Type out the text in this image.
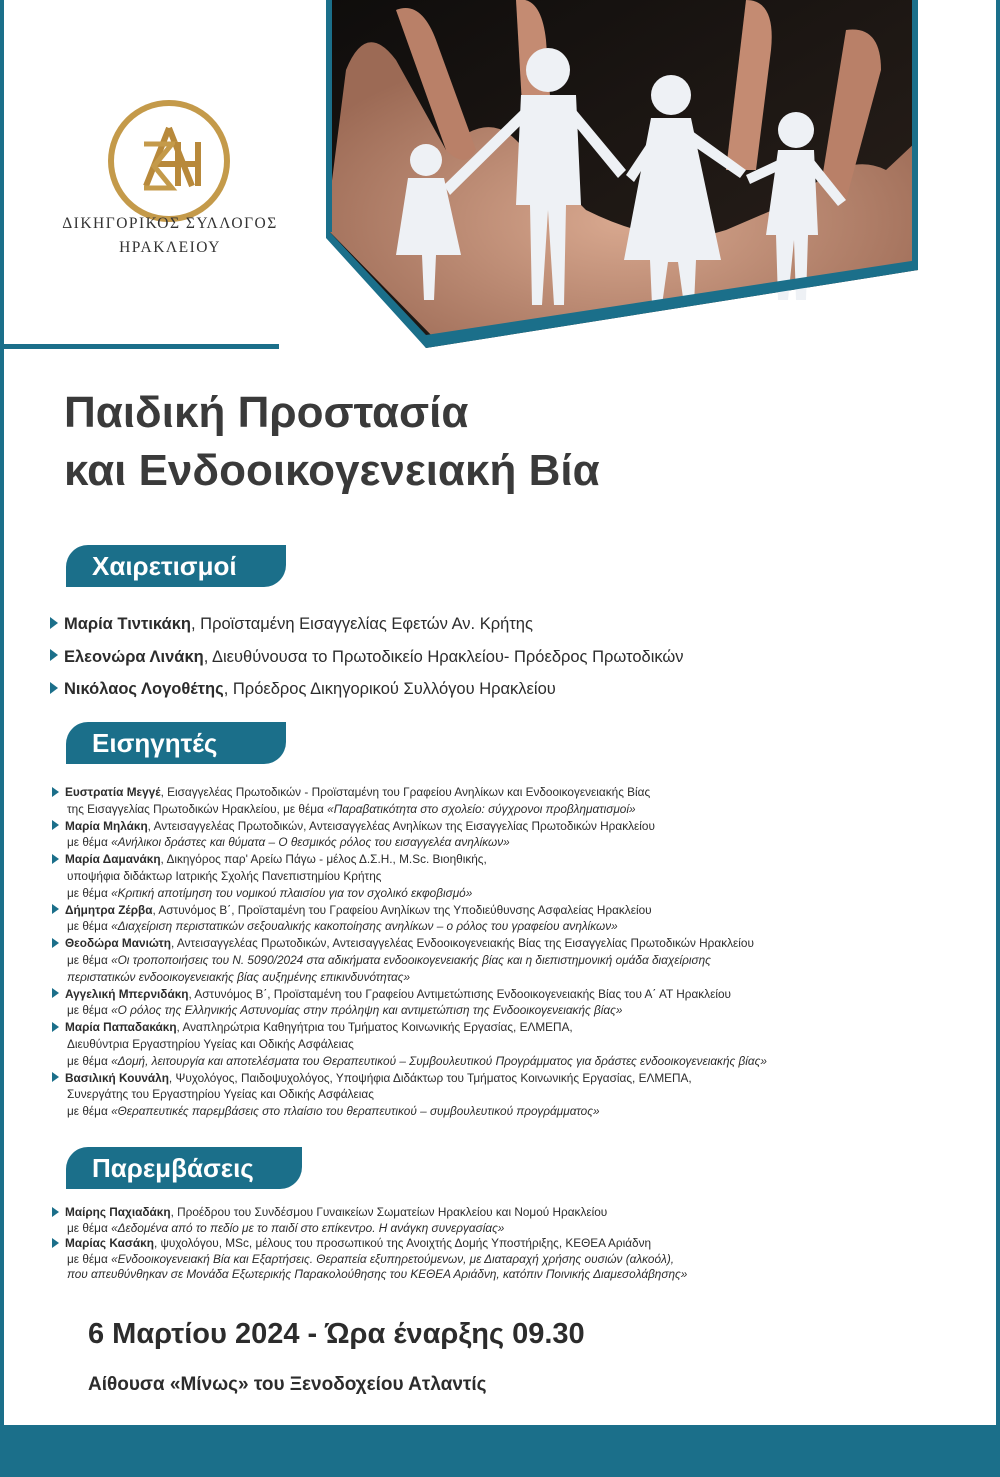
ΔΙΚΗΓΟΡΙΚΟΣ ΣΥΛΛΟΓΟΣ
ΗΡΑΚΛΕΙΟΥ
Παιδική Προστασία
και Ενδοοικογενειακή Βία
Χαιρετισμοί
Μαρία Τιντικάκη, Προϊσταμένη Εισαγγελίας Εφετών Αν. Κρήτης
Ελεονώρα Λινάκη, Διευθύνουσα το Πρωτοδικείο Ηρακλείου- Πρόεδρος Πρωτοδικών
Νικόλαος Λογοθέτης, Πρόεδρος Δικηγορικού Συλλόγου Ηρακλείου
Εισηγητές
Ευστρατία Μεγγέ, Εισαγγελέας Πρωτοδικών - Προϊσταμένη του Γραφείου Ανηλίκων και Ενδοοικογενειακής Βίας
της Εισαγγελίας Πρωτοδικών Ηρακλείου, με θέμα «Παραβατικότητα στο σχολείο: σύγχρονοι προβληματισμοί»
Μαρία Μηλάκη, Αντεισαγγελέας Πρωτοδικών, Αντεισαγγελέας Ανηλίκων της Εισαγγελίας Πρωτοδικών Ηρακλείου
με θέμα «Ανήλικοι δράστες και θύματα – Ο θεσμικός ρόλος του εισαγγελέα ανηλίκων»
Μαρία Δαμανάκη, Δικηγόρος παρ' Αρείω Πάγω - μέλος Δ.Σ.Η., M.Sc. Βιοηθικής,
υποψήφια διδάκτωρ Ιατρικής Σχολής Πανεπιστημίου Κρήτης
με θέμα «Κριτική αποτίμηση του νομικού πλαισίου για τον σχολικό εκφοβισμό»
Δήμητρα Ζέρβα, Αστυνόμος Β΄, Προϊσταμένη του Γραφείου Ανηλίκων της Υποδιεύθυνσης Ασφαλείας Ηρακλείου
με θέμα «Διαχείριση περιστατικών σεξουαλικής κακοποίησης ανηλίκων – ο ρόλος του γραφείου ανηλίκων»
Θεοδώρα Μανιώτη, Αντεισαγγελέας Πρωτοδικών, Αντεισαγγελέας Ενδοοικογενειακής Βίας της Εισαγγελίας Πρωτοδικών Ηρακλείου
με θέμα «Οι τροποποιήσεις του Ν. 5090/2024 στα αδικήματα ενδοοικογενειακής βίας και η διεπιστημονική ομάδα διαχείρισης
περιστατικών ενδοοικογενειακής βίας αυξημένης επικινδυνότητας»
Αγγελική Μπερνιδάκη, Αστυνόμος Β΄, Προϊσταμένη του Γραφείου Αντιμετώπισης Ενδοοικογενειακής Βίας του Α΄ ΑΤ Ηρακλείου
με θέμα «Ο ρόλος της Ελληνικής Αστυνομίας στην πρόληψη και αντιμετώπιση της Ενδοοικογενειακής βίας»
Μαρία Παπαδακάκη, Αναπληρώτρια Καθηγήτρια του Τμήματος Κοινωνικής Εργασίας, ΕΛΜΕΠΑ,
Διευθύντρια Εργαστηρίου Υγείας και Οδικής Ασφάλειας
με θέμα «Δομή, λειτουργία και αποτελέσματα του Θεραπευτικού – Συμβουλευτικού Προγράμματος για δράστες ενδοοικογενειακής βίας»
Βασιλική Κουνάλη, Ψυχολόγος, Παιδοψυχολόγος, Υποψήφια Διδάκτωρ του Τμήματος Κοινωνικής Εργασίας, ΕΛΜΕΠΑ,
Συνεργάτης του Εργαστηρίου Υγείας και Οδικής Ασφάλειας
με θέμα «Θεραπευτικές παρεμβάσεις στο πλαίσιο του θεραπευτικού – συμβουλευτικού προγράμματος»
Παρεμβάσεις
Μαίρης Παχιαδάκη, Προέδρου του Συνδέσμου Γυναικείων Σωματείων Ηρακλείου και Νομού Ηρακλείου
με θέμα «Δεδομένα από το πεδίο με το παιδί στο επίκεντρο. Η ανάγκη συνεργασίας»
Μαρίας Κασάκη, ψυχολόγου, MSc, μέλους του προσωπικού της Ανοιχτής Δομής Υποστήριξης, ΚΕΘΕΑ Αριάδνη
με θέμα «Ενδοοικογενειακή Βία και Εξαρτήσεις. Θεραπεία εξυπηρετούμενων, με Διαταραχή χρήσης ουσιών (αλκοόλ),
που απευθύνθηκαν σε Μονάδα Εξωτερικής Παρακολούθησης του ΚΕΘΕΑ Αριάδνη, κατόπιν Ποινικής Διαμεσολάβησης»
6 Μαρτίου 2024 - Ώρα έναρξης 09.30
Αίθουσα «Μίνως» του Ξενοδοχείου Ατλαντίς
